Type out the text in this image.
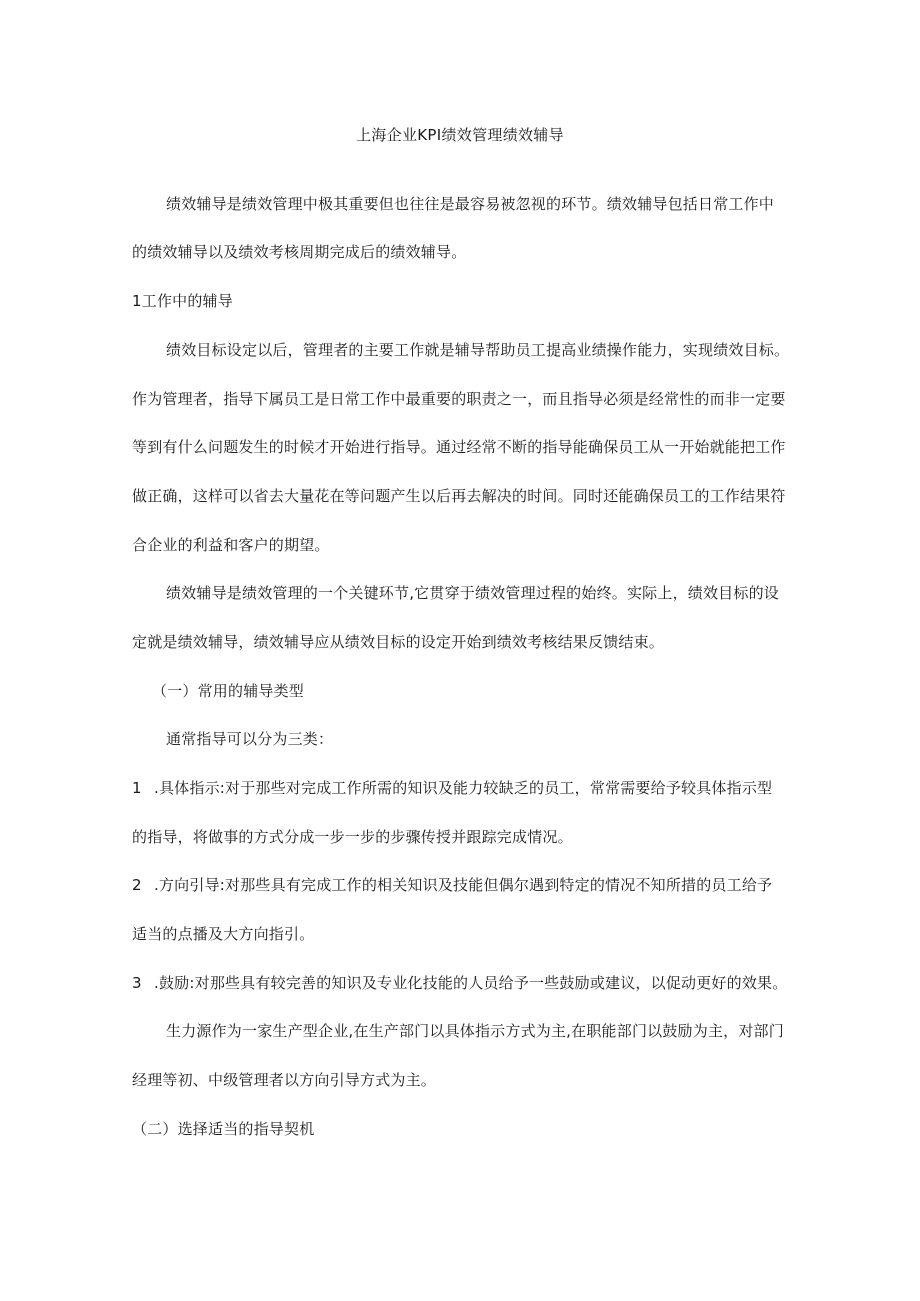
上海企业KPI绩效管理绩效辅导
绩效辅导是绩效管理中极其重要但也往往是最容易被忽视的环节。绩效辅导包括日常工作中
的绩效辅导以及绩效考核周期完成后的绩效辅导。
1工作中的辅导
绩效目标设定以后，管理者的主要工作就是辅导帮助员工提高业绩操作能力，实现绩效目标。
作为管理者，指导下属员工是日常工作中最重要的职责之一，而且指导必须是经常性的而非一定要
等到有什么问题发生的时候才开始进行指导。通过经常不断的指导能确保员工从一开始就能把工作
做正确，这样可以省去大量花在等问题产生以后再去解决的时间。同时还能确保员工的工作结果符
合企业的利益和客户的期望。
绩效辅导是绩效管理的一个关键环节,它贯穿于绩效管理过程的始终。实际上，绩效目标的设
定就是绩效辅导，绩效辅导应从绩效目标的设定开始到绩效考核结果反馈结束。
（一）常用的辅导类型
通常指导可以分为三类：
1 .具体指示:对于那些对完成工作所需的知识及能力较缺乏的员工，常常需要给予较具体指示型
的指导，将做事的方式分成一步一步的步骤传授并跟踪完成情况。
2 .方向引导:对那些具有完成工作的相关知识及技能但偶尔遇到特定的情况不知所措的员工给予
适当的点播及大方向指引。
3 .鼓励:对那些具有较完善的知识及专业化技能的人员给予一些鼓励或建议，以促动更好的效果。
生力源作为一家生产型企业,在生产部门以具体指示方式为主,在职能部门以鼓励为主，对部门
经理等初、中级管理者以方向引导方式为主。
（二）选择适当的指导契机
